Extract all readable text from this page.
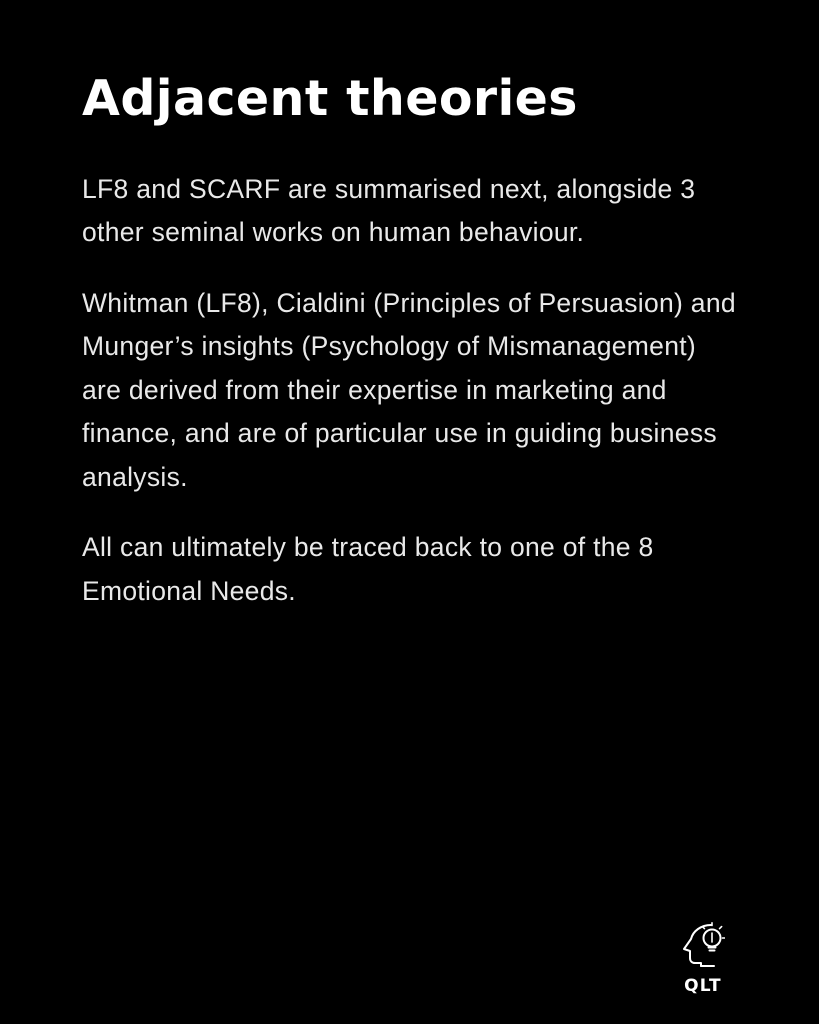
Adjacent theories

LF8 and SCARF are summarised next, alongside 3 other seminal works on human behaviour.

Whitman (LF8), Cialdini (Principles of Persuasion) and Munger’s insights (Psychology of Mismanagement) are derived from their expertise in marketing and finance, and are of particular use in guiding business analysis.

All can ultimately be traced back to one of the 8 Emotional Needs.

QLT
